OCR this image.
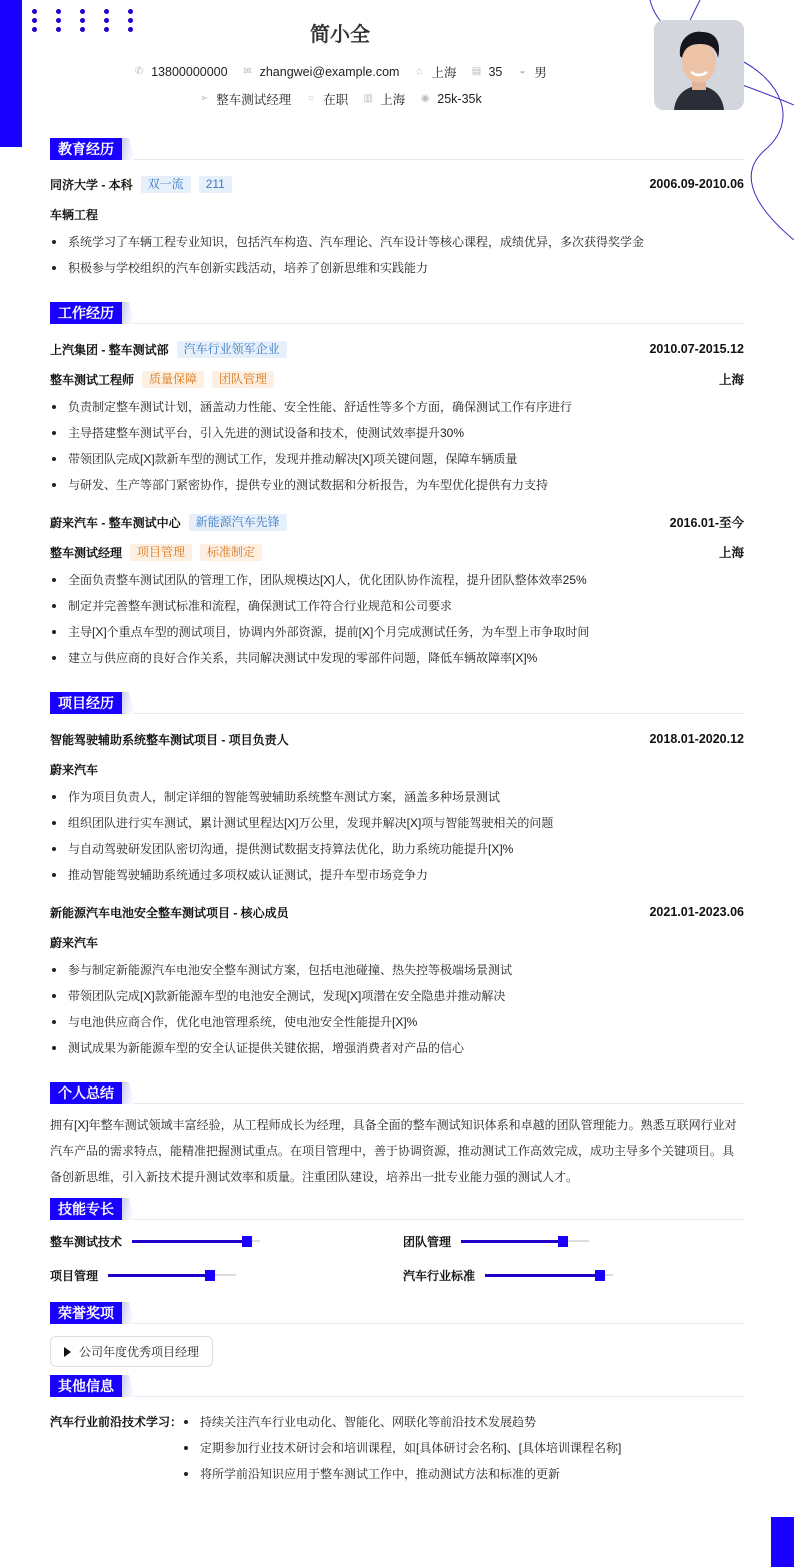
简小全
✆ 13800000000 ✉ zhangwei@example.com ⌂ 上海 ▤ 35 ◒ 男
➢ 整车测试经理 ○ 在职 ▥ 上海 ◉ 25k-35k
教育经历
同济大学 - 本科	双一流	211	2006.09-2010.06
车辆工程
系统学习了车辆工程专业知识，包括汽车构造、汽车理论、汽车设计等核心课程，成绩优异，多次获得奖学金
积极参与学校组织的汽车创新实践活动，培养了创新思维和实践能力
工作经历
上汽集团 - 整车测试部	汽车行业领军企业	2010.07-2015.12
整车测试工程师	质量保障	团队管理	上海
负责制定整车测试计划，涵盖动力性能、安全性能、舒适性等多个方面，确保测试工作有序进行
主导搭建整车测试平台，引入先进的测试设备和技术，使测试效率提升30%
带领团队完成[X]款新车型的测试工作，发现并推动解决[X]项关键问题，保障车辆质量
与研发、生产等部门紧密协作，提供专业的测试数据和分析报告，为车型优化提供有力支持
蔚来汽车 - 整车测试中心	新能源汽车先锋	2016.01-至今
整车测试经理	项目管理	标准制定	上海
全面负责整车测试团队的管理工作，团队规模达[X]人，优化团队协作流程，提升团队整体效率25%
制定并完善整车测试标准和流程，确保测试工作符合行业规范和公司要求
主导[X]个重点车型的测试项目，协调内外部资源，提前[X]个月完成测试任务，为车型上市争取时间
建立与供应商的良好合作关系，共同解决测试中发现的零部件问题，降低车辆故障率[X]%
项目经历
智能驾驶辅助系统整车测试项目 - 项目负责人	2018.01-2020.12
蔚来汽车
作为项目负责人，制定详细的智能驾驶辅助系统整车测试方案，涵盖多种场景测试
组织团队进行实车测试，累计测试里程达[X]万公里，发现并解决[X]项与智能驾驶相关的问题
与自动驾驶研发团队密切沟通，提供测试数据支持算法优化，助力系统功能提升[X]%
推动智能驾驶辅助系统通过多项权威认证测试，提升车型市场竞争力
新能源汽车电池安全整车测试项目 - 核心成员	2021.01-2023.06
蔚来汽车
参与制定新能源汽车电池安全整车测试方案，包括电池碰撞、热失控等极端场景测试
带领团队完成[X]款新能源车型的电池安全测试，发现[X]项潜在安全隐患并推动解决
与电池供应商合作，优化电池管理系统，使电池安全性能提升[X]%
测试成果为新能源车型的安全认证提供关键依据，增强消费者对产品的信心
个人总结

拥有[X]年整车测试领域丰富经验，从工程师成长为经理，具备全面的整车测试知识体系和卓越的团队管理能力。熟悉互联网行业对汽车产品的需求特点，能精准把握测试重点。在项目管理中，善于协调资源，推动测试工作高效完成，成功主导多个关键项目。具备创新思维，引入新技术提升测试效率和质量。注重团队建设，培养出一批专业能力强的测试人才。

技能专长
整车测试技术	团队管理
项目管理	汽车行业标准
荣誉奖项
公司年度优秀项目经理
其他信息
汽车行业前沿技术学习：	持续关注汽车行业电动化、智能化、网联化等前沿技术发展趋势
定期参加行业技术研讨会和培训课程，如[具体研讨会名称]、[具体培训课程名称]
将所学前沿知识应用于整车测试工作中，推动测试方法和标准的更新
